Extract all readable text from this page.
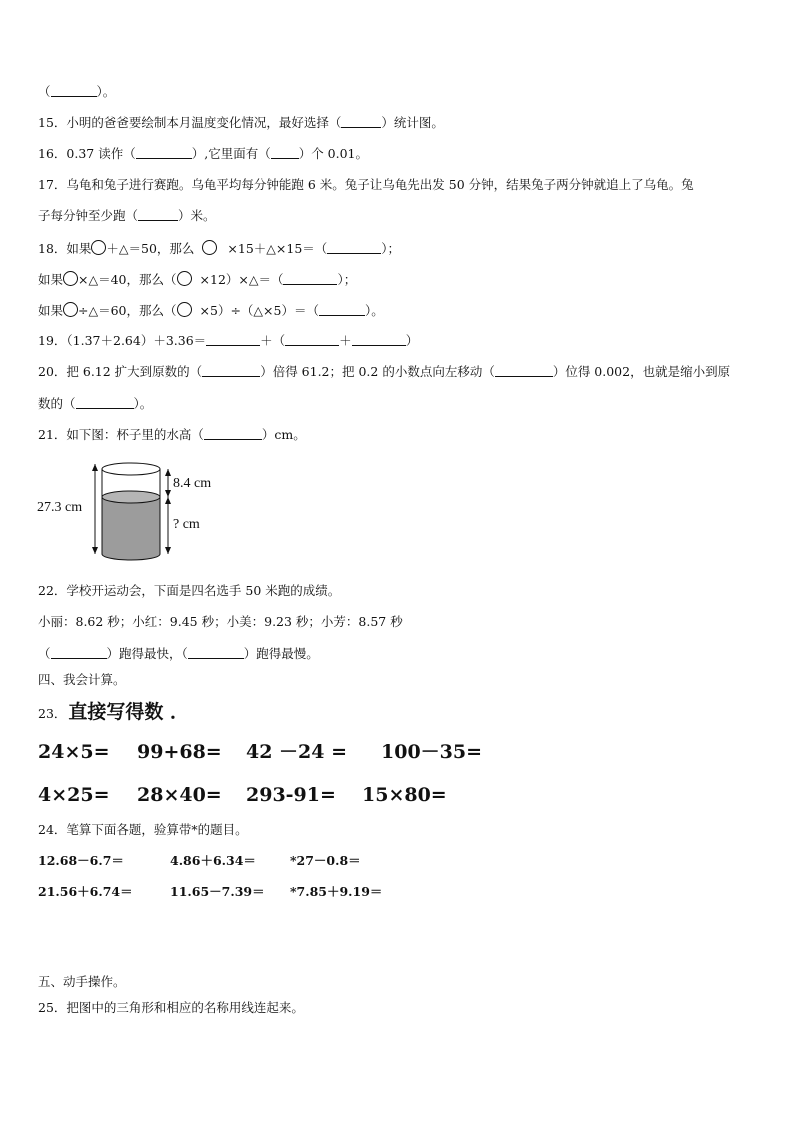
（	）。
15．小明的爸爸要绘制本月温度变化情况，最好选择（	）统计图。
16．0.37 读作（	）,它里面有（ ）个 0.01。
17．乌龟和兔子进行赛跑。乌龟平均每分钟能跑 6 米。兔子让乌龟先出发 50 分钟，结果兔子两分钟就追上了乌龟。兔
子每分钟至少跑（	）米。
18．如果 ＋△＝50，那么	×15＋△×15＝（	）；
如果 ×△＝40，那么（ ×12）×△＝（	）；
如果 ÷△＝60，那么（ ×5）÷（△×5）＝（	）。
19．（1.37＋2.64）＋3.36＝	＋（	＋	）
20．把 6.12 扩大到原数的（	）倍得 61.2；把 0.2 的小数点向左移动（	）位得 0.002，也就是缩小到原
数的（	）。
21．如下图：杯子里的水高（	）cm。
27.3 cm
8.4 cm
? cm
22．学校开运动会，下面是四名选手 50 米跑的成绩。
小丽：8.62 秒；小红：9.45 秒；小美：9.23 秒；小芳：8.57 秒
（	）跑得最快，（	）跑得最慢。
四、我会计算。
23． 直接写得数 ．
24×5= 99+68= 42 －24 = 100－35=
4×25= 28×40= 293-91= 15×80=
24．笔算下面各题，验算带*的题目。
12.68－6.7＝	4.86＋6.34＝	*27－0.8＝
21.56＋6.74＝	11.65－7.39＝ *7.85＋9.19＝
五、动手操作。
25．把图中的三角形和相应的名称用线连起来。
